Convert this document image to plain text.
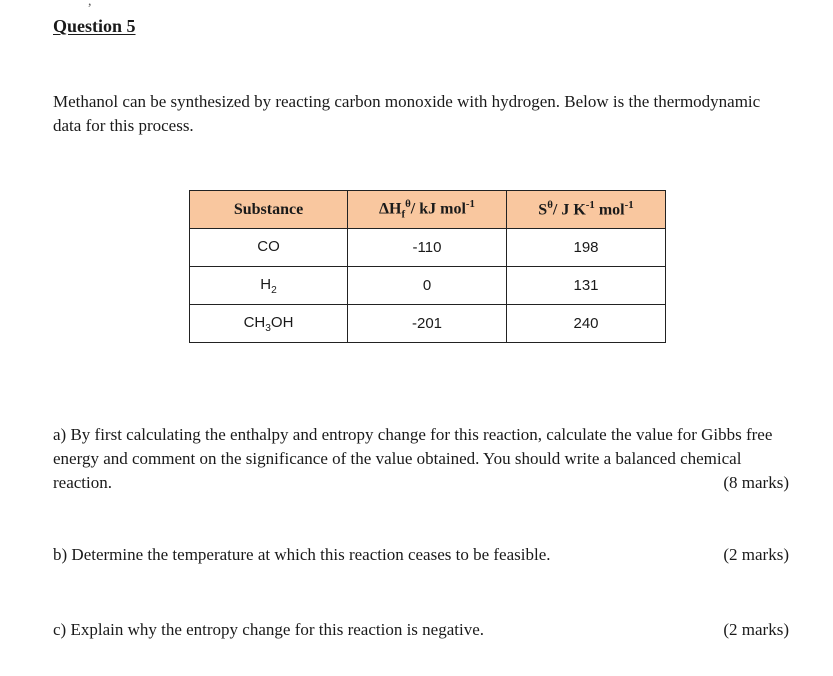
,
Question 5
Methanol can be synthesized by reacting carbon monoxide with hydrogen. Below is the thermodynamic data for this process.
Substance	$\Delta H_f^\theta/$ kJ mol$^{-1}$	$S^\theta/$ J $K^{-1}$ mol$^{-1}$
CO	-110	198
$H_2$	0	131
$CH_3OH$	-201	240
a) By first calculating the enthalpy and entropy change for this reaction, calculate the value for Gibbs free energy and comment on the significance of the value obtained. You should write a balanced chemical reaction.	(8 marks)
b) Determine the temperature at which this reaction ceases to be feasible.	(2 marks)
c) Explain why the entropy change for this reaction is negative.	(2 marks)
